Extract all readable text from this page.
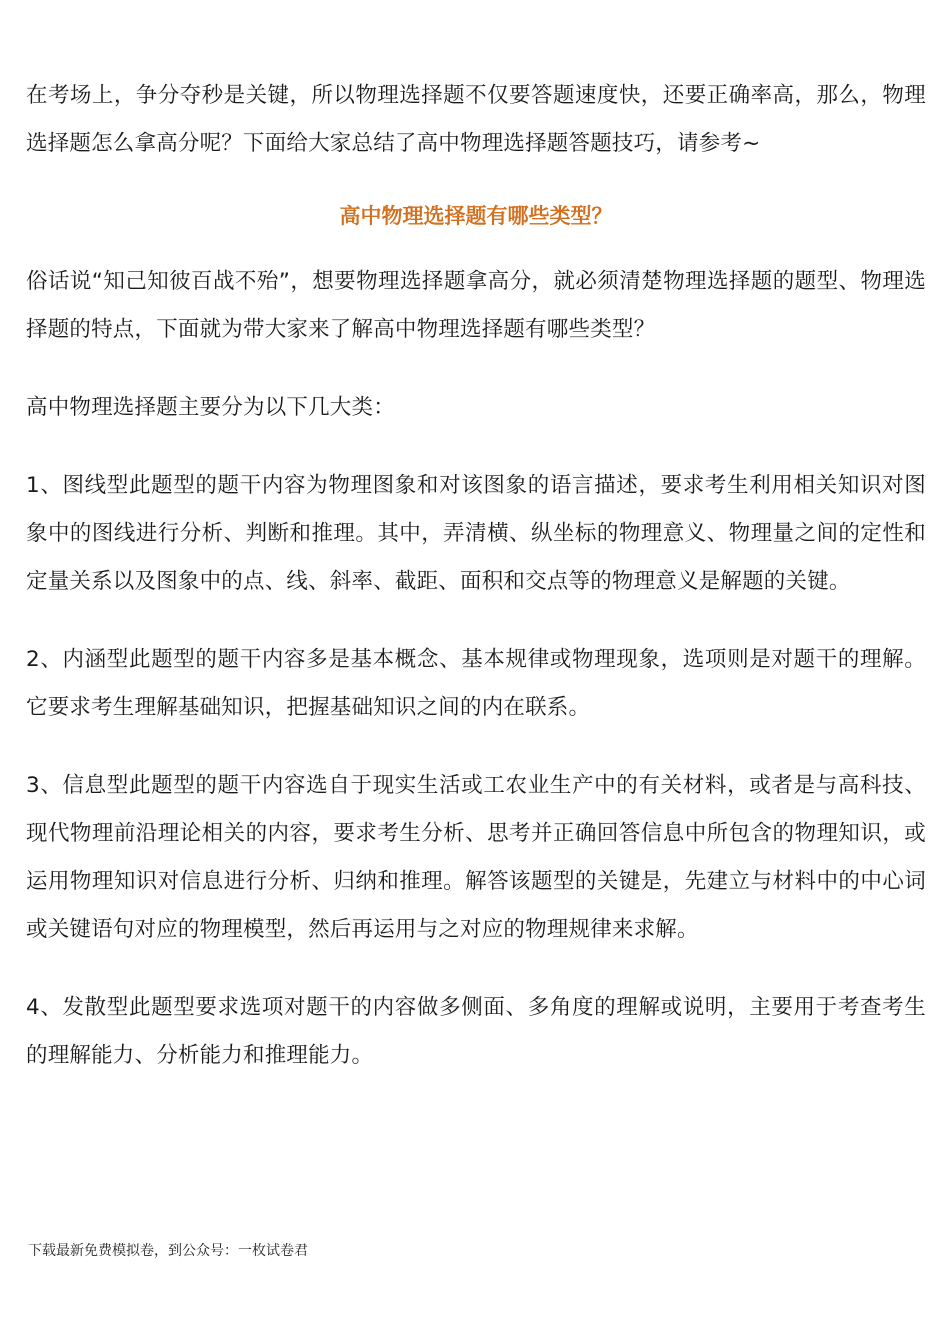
在考场上，争分夺秒是关键，所以物理选择题不仅要答题速度快，还要正确率高，那么，物理选择题怎么拿高分呢？下面给大家总结了高中物理选择题答题技巧，请参考~

高中物理选择题有哪些类型？

俗话说“知己知彼百战不殆”，想要物理选择题拿高分，就必须清楚物理选择题的题型、物理选择题的特点，下面就为带大家来了解高中物理选择题有哪些类型？

高中物理选择题主要分为以下几大类：

1、图线型此题型的题干内容为物理图象和对该图象的语言描述，要求考生利用相关知识对图象中的图线进行分析、判断和推理。其中，弄清横、纵坐标的物理意义、物理量之间的定性和定量关系以及图象中的点、线、斜率、截距、面积和交点等的物理意义是解题的关键。

2、内涵型此题型的题干内容多是基本概念、基本规律或物理现象，选项则是对题干的理解。它要求考生理解基础知识，把握基础知识之间的内在联系。

3、信息型此题型的题干内容选自于现实生活或工农业生产中的有关材料，或者是与高科技、现代物理前沿理论相关的内容，要求考生分析、思考并正确回答信息中所包含的物理知识，或运用物理知识对信息进行分析、归纳和推理。解答该题型的关键是，先建立与材料中的中心词或关键语句对应的物理模型，然后再运用与之对应的物理规律来求解。

4、发散型此题型要求选项对题干的内容做多侧面、多角度的理解或说明，主要用于考查考生的理解能力、分析能力和推理能力。

下载最新免费模拟卷，到公众号：一枚试卷君
